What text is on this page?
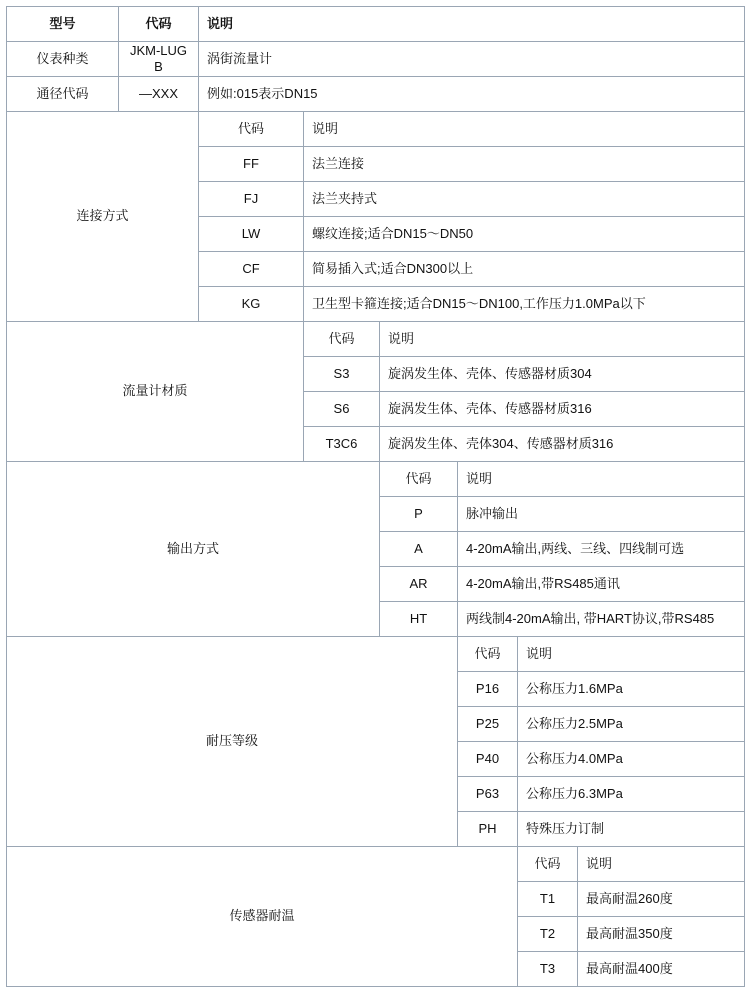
型号	代码	说明					
仪表种类	JKM-LUGB	涡街流量计					
通径代码	—XXX	例如:015表示DN15					
连接方式		代码	说明				
		FF	法兰连接				
		FJ	法兰夹持式				
		LW	螺纹连接;适合DN15～DN50				
		CF	简易插入式;适合DN300以上				
		KG	卫生型卡箍连接;适合DN15～DN100,工作压力1.0MPa以下				
流量计材质			代码	说明			
			S3	旋涡发生体、壳体、传感器材质304			
			S6	旋涡发生体、壳体、传感器材质316			
			T3C6	旋涡发生体、壳体304、传感器材质316			
输出方式				代码	说明		
				P	脉冲输出		
				A	4-20mA输出,两线、三线、四线制可选		
				AR	4-20mA输出,带RS485通讯		
				HT	两线制4-20mA输出, 带HART协议,带RS485		
耐压等级					代码	说明	
					P16	公称压力1.6MPa	
					P25	公称压力2.5MPa	
					P40	公称压力4.0MPa	
					P63	公称压力6.3MPa	
					PH	特殊压力订制	
传感器耐温						代码	说明
						T1	最高耐温260度
						T2	最高耐温350度
						T3	最高耐温400度
